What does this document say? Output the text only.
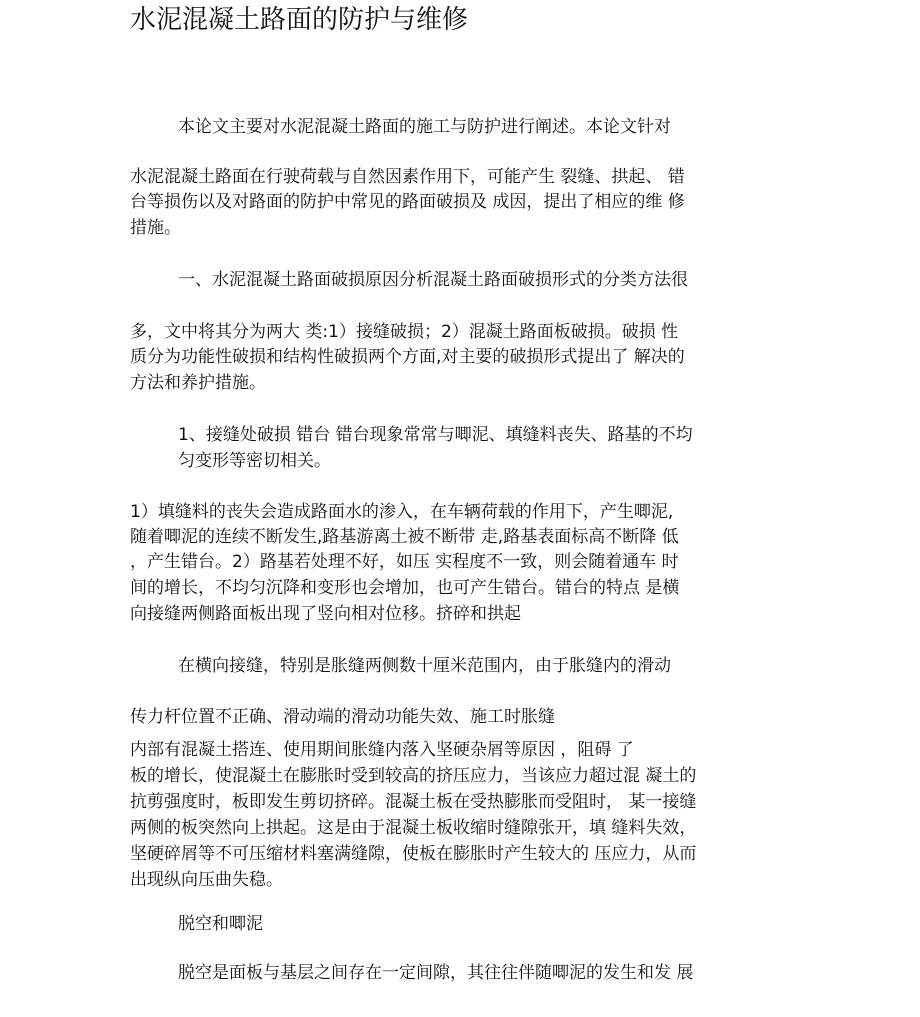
水泥混凝土路面的防护与维修

本论文主要对水泥混凝土路面的施工与防护进行阐述。本论文针对

水泥混凝土路面在行驶荷载与自然因素作用下，可能产生 裂缝、拱起、 错

台等损伤以及对路面的防护中常见的路面破损及 成因，提出了相应的维 修

措施。

一、水泥混凝土路面破损原因分析混凝土路面破损形式的分类方法很

多，文中将其分为两大 类:1）接缝破损；2）混凝土路面板破损。破损 性

质分为功能性破损和结构性破损两个方面,对主要的破损形式提出了 解决的

方法和养护措施。

1、接缝处破损 错台 错台现象常常与唧泥、填缝料丧失、路基的不均

匀变形等密切相关。

1）填缝料的丧失会造成路面水的渗入，在车辆荷载的作用下，产生唧泥,

随着唧泥的连续不断发生,路基游离土被不断带 走,路基表面标高不断降 低

，产生错台。2）路基若处理不好，如压 实程度不一致，则会随着通车 时

间的增长，不均匀沉降和变形也会增加，也可产生错台。错台的特点 是横

向接缝两侧路面板出现了竖向相对位移。挤碎和拱起

在横向接缝，特别是胀缝两侧数十厘米范围内，由于胀缝内的滑动

传力杆位置不正确、滑动端的滑动功能失效、施工时胀缝

内部有混凝土搭连、使用期间胀缝内落入坚硬杂屑等原因 ，阻碍 了

板的增长，使混凝土在膨胀时受到较高的挤压应力，当该应力超过混 凝土的

抗剪强度时，板即发生剪切挤碎。混凝土板在受热膨胀而受阻时， 某一接缝

两侧的板突然向上拱起。这是由于混凝土板收缩时缝隙张开，填 缝料失效，

坚硬碎屑等不可压缩材料塞满缝隙，使板在膨胀时产生较大的 压应力，从而

出现纵向压曲失稳。

脱空和唧泥

脱空是面板与基层之间存在一定间隙，其往往伴随唧泥的发生和发 展
